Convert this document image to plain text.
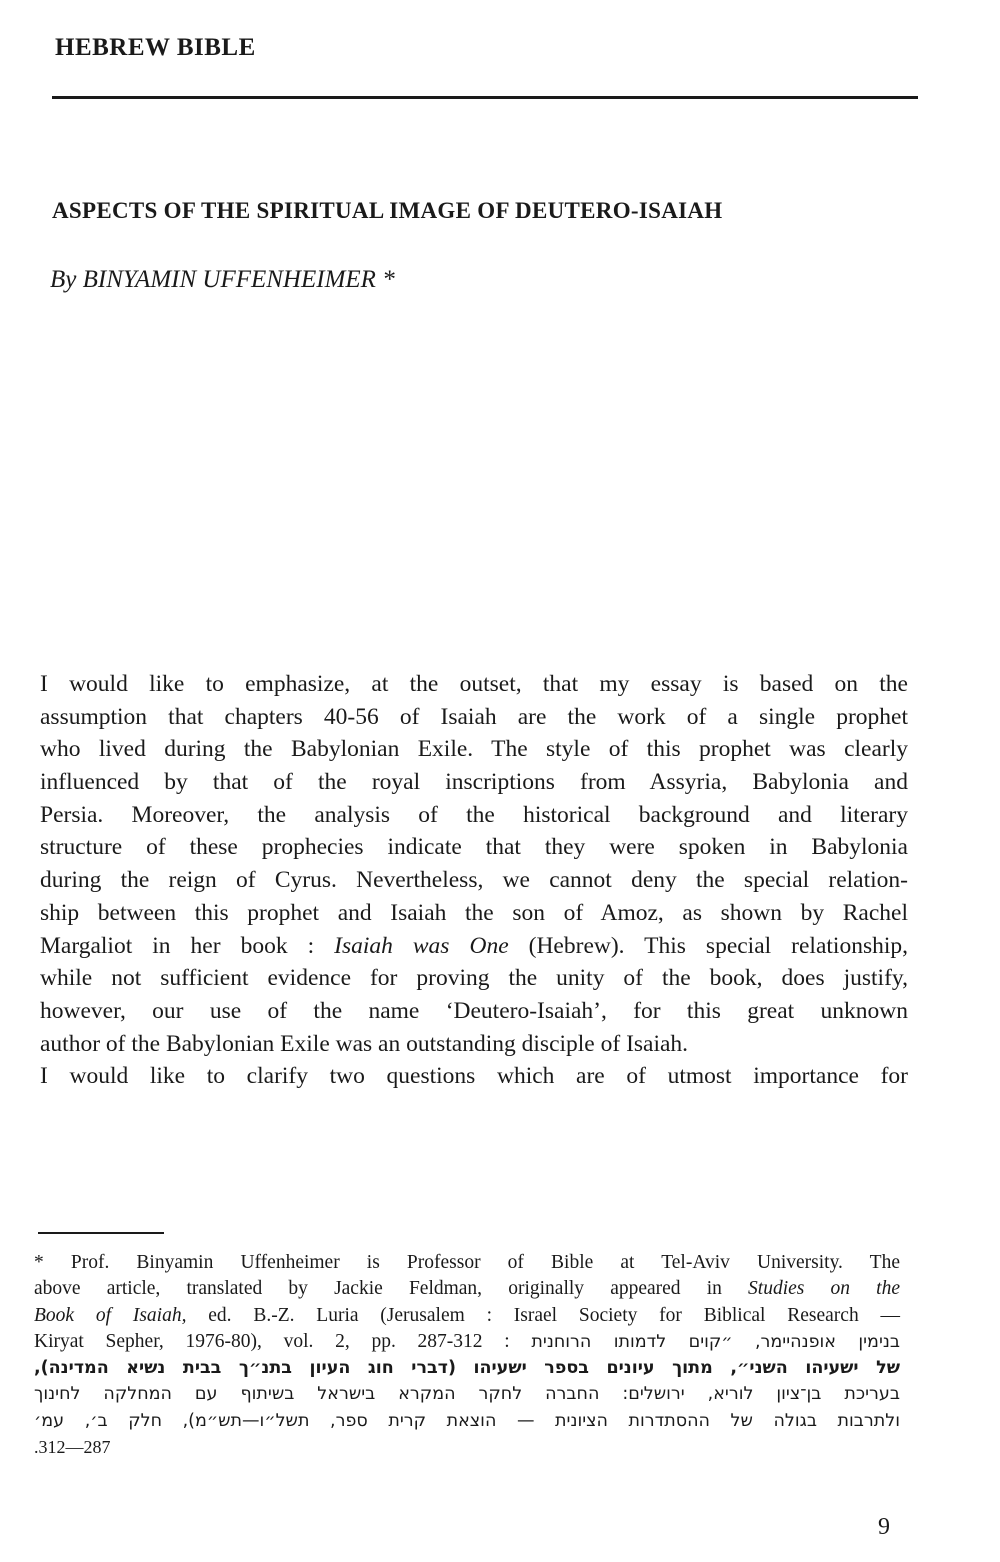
HEBREW BIBLE
ASPECTS OF THE SPIRITUAL IMAGE OF DEUTERO-ISAIAH
By BINYAMIN UFFENHEIMER *
I would like to emphasize, at the outset, that my essay is based on the
assumption that chapters 40-56 of Isaiah are the work of a single prophet
who lived during the Babylonian Exile. The style of this prophet was clearly
influenced by that of the royal inscriptions from Assyria, Babylonia and
Persia. Moreover, the analysis of the historical background and literary
structure of these prophecies indicate that they were spoken in Babylonia
during the reign of Cyrus. Nevertheless, we cannot deny the special relation-
ship between this prophet and Isaiah the son of Amoz, as shown by Rachel
Margaliot in her book : Isaiah was One (Hebrew). This special relationship,
while not sufficient evidence for proving the unity of the book, does justify,
however, our use of the name ‘Deutero-Isaiah’, for this great unknown
author of the Babylonian Exile was an outstanding disciple of Isaiah.
I would like to clarify two questions which are of utmost importance for
* Prof. Binyamin Uffenheimer is Professor of Bible at Tel-Aviv University. The
above article, translated by Jackie Feldman, originally appeared in Studies on the
Book of Isaiah, ed. B.-Z. Luria (Jerusalem : Israel Society for Biblical Research —
Kiryat Sepher, 1976-80), vol. 2, pp. 287-312 : בנימין אופנהיימר, ״קוים לדמותו הרוחנית
של ישעיהו השני״, מתוך עיונים בספר ישעיהו (דברי חוג העיון בתנ״ך בבית נשיא המדינה),
בעריכת בן־ציון לוריא, ירושלים: החברה לחקר המקרא בישראל בשיתוף עם המחלקה לחינוך
ולתרבות בגולה של ההסתדרות הציונית — הוצאת קרית ספר, תשל״ו—תש״מ), חלק ב׳, עמ׳
.312—287
9
